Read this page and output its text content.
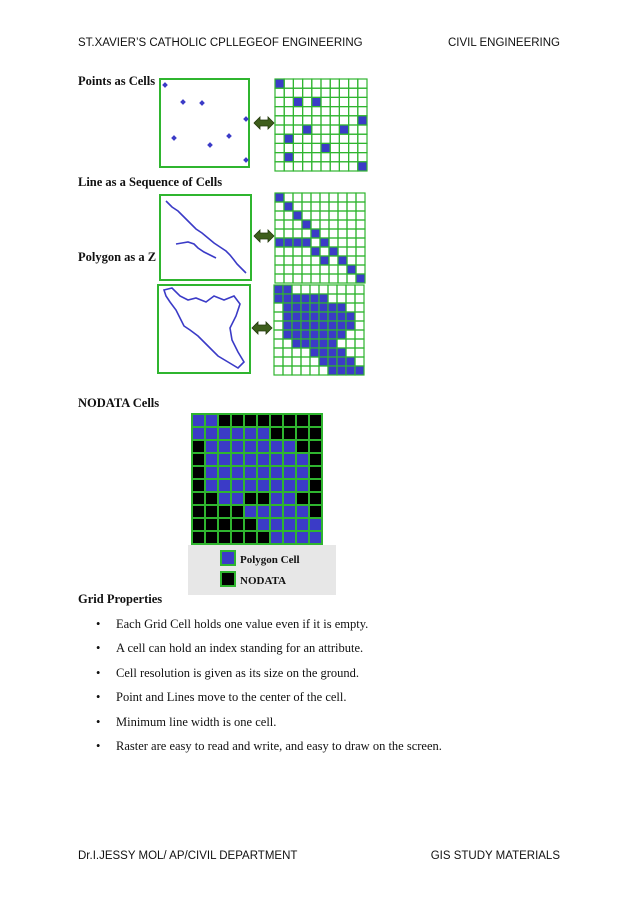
ST.XAVIER’S CATHOLIC CPLLEGEOF ENGINEERING	CIVIL ENGINEERING
Points as Cells
Line as a Sequence of Cells
Polygon as a Z
NODATA Cells
Grid Properties
Polygon Cell
NODATA
• Each Grid Cell holds one value even if it is empty.
• A cell can hold an index standing for an attribute.
• Cell resolution is given as its size on the ground.
• Point and Lines move to the center of the cell.
• Minimum line width is one cell.
• Raster are easy to read and write, and easy to draw on the screen.
Dr.I.JESSY MOL/ AP/CIVIL DEPARTMENT	GIS STUDY MATERIALS
